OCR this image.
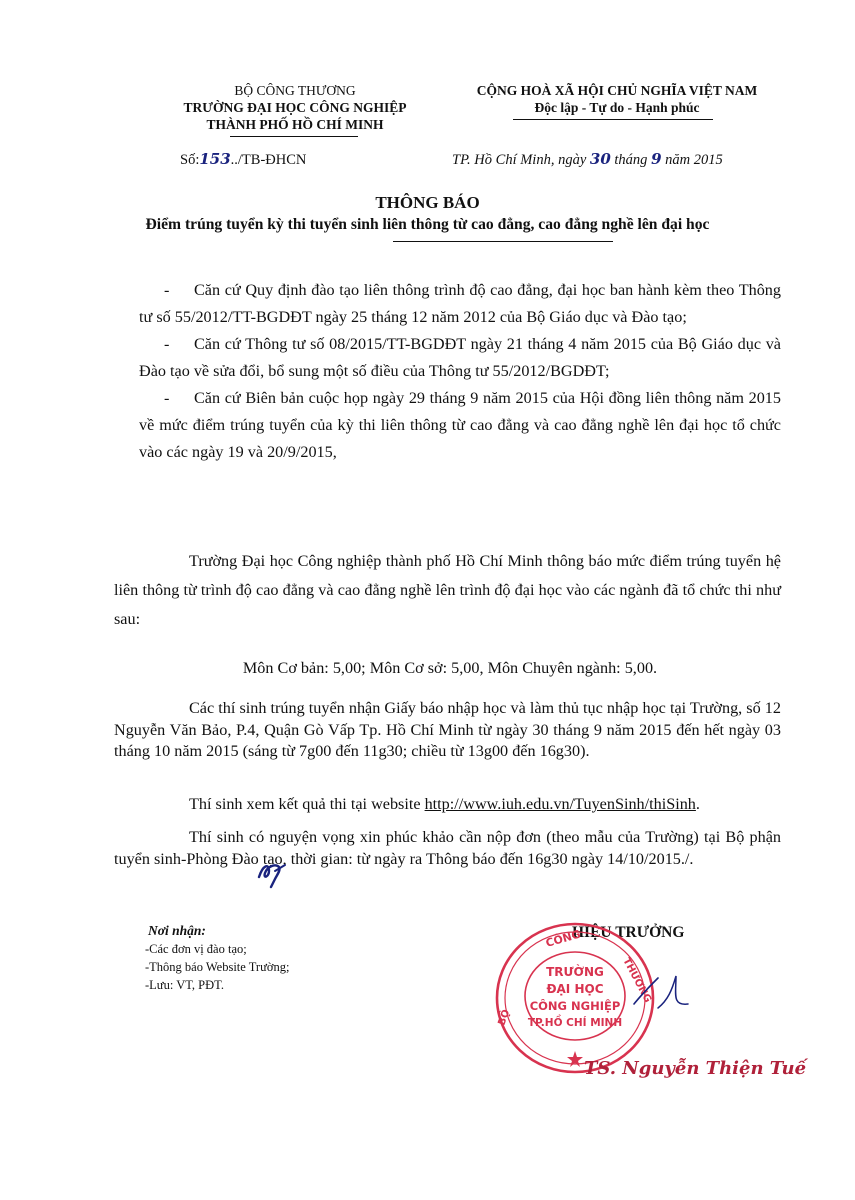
BỘ CÔNG THƯƠNG
TRƯỜNG ĐẠI HỌC CÔNG NGHIỆP
THÀNH PHỐ HỒ CHÍ MINH
CỘNG HOÀ XÃ HỘI CHỦ NGHĨA VIỆT NAM
Độc lập - Tự do - Hạnh phúc
Số:153../TB-ĐHCN	TP. Hồ Chí Minh, ngày 30 tháng 9 năm 2015
THÔNG BÁO
Điểm trúng tuyển kỳ thi tuyển sinh liên thông từ cao đẳng, cao đẳng nghề lên đại học
- Căn cứ Quy định đào tạo liên thông trình độ cao đẳng, đại học ban hành kèm theo Thông tư số 55/2012/TT-BGDĐT ngày 25 tháng 12 năm 2012 của Bộ Giáo dục và Đào tạo;
- Căn cứ Thông tư số 08/2015/TT-BGDĐT ngày 21 tháng 4 năm 2015 của Bộ Giáo dục và Đào tạo về sửa đổi, bổ sung một số điều của Thông tư 55/2012/BGDĐT;
- Căn cứ Biên bản cuộc họp ngày 29 tháng 9 năm 2015 của Hội đồng liên thông năm 2015 về mức điểm trúng tuyển của kỳ thi liên thông từ cao đẳng và cao đẳng nghề lên đại học tổ chức vào các ngày 19 và 20/9/2015,
Trường Đại học Công nghiệp thành phố Hồ Chí Minh thông báo mức điểm trúng tuyển hệ liên thông từ trình độ cao đẳng và cao đẳng nghề lên trình độ đại học vào các ngành đã tổ chức thi như sau:
Môn Cơ bản: 5,00; Môn Cơ sở: 5,00, Môn Chuyên ngành: 5,00.
Các thí sinh trúng tuyển nhận Giấy báo nhập học và làm thủ tục nhập học tại Trường, số 12 Nguyễn Văn Bảo, P.4, Quận Gò Vấp Tp. Hồ Chí Minh từ ngày 30 tháng 9 năm 2015 đến hết ngày 03 tháng 10 năm 2015 (sáng từ 7g00 đến 11g30; chiều từ 13g00 đến 16g30).
Thí sinh xem kết quả thi tại website http://www.iuh.edu.vn/TuyenSinh/thiSinh.
Thí sinh có nguyện vọng xin phúc khảo cần nộp đơn (theo mẫu của Trường) tại Bộ phận tuyển sinh-Phòng Đào tạo, thời gian: từ ngày ra Thông báo đến 16g30 ngày 14/10/2015./.
Nơi nhận:
-Các đơn vị đào tạo;
-Thông báo Website Trường;
-Lưu: VT, PĐT.
HIỆU TRƯỞNG
CÔNG
THƯƠNG
BỘ
TRƯỜNG
ĐẠI HỌC
CÔNG NGHIỆP
TP.HỒ CHÍ MINH
TS. Nguyễn Thiện Tuế
